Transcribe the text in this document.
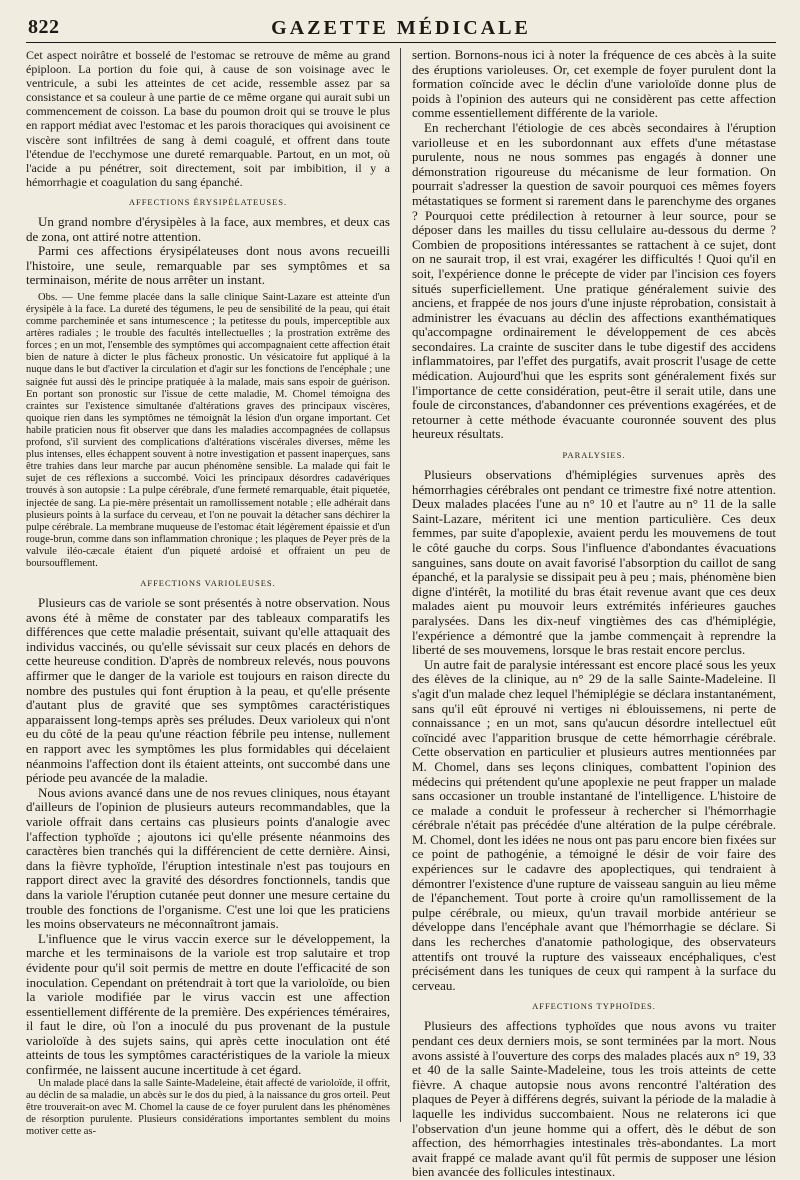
822	GAZETTE MÉDICALE

Cet aspect noirâtre et bosselé de l'estomac se retrouve de même au grand épiploon. La portion du foie qui, à cause de son voisinage avec le ventricule, a subi les atteintes de cet acide, ressemble assez par sa consistance et sa couleur à une partie de ce même organe qui aurait subi un commencement de coisson. La base du poumon droit qui se trouve le plus en rapport médiat avec l'estomac et les parois thoraciques qui avoisinent ce viscère sont infiltrées de sang à demi coagulé, et offrent dans toute l'étendue de l'ecchymose une dureté remarquable. Partout, en un mot, où l'acide a pu pénétrer, soit directement, soit par imbibition, il y a hémorrhagie et coagulation du sang épanché.

AFFECTIONS ÉRYSIPÉLATEUSES.

Un grand nombre d'érysipèles à la face, aux membres, et deux cas de zona, ont attiré notre attention.

Parmi ces affections érysipélateuses dont nous avons recueilli l'histoire, une seule, remarquable par ses symptômes et sa terminaison, mérite de nous arrêter un instant.

Obs. — Une femme placée dans la salle clinique Saint-Lazare est atteinte d'un érysipèle à la face. La dureté des tégumens, le peu de sensibilité de la peau, qui était comme parcheminée et sans intumescence ; la petitesse du pouls, imperceptible aux artères radiales ; le trouble des facultés intellectuelles ; la prostration extrême des forces ; en un mot, l'ensemble des symptômes qui accompagnaient cette affection était bien de nature à dicter le plus fâcheux pronostic. Un vésicatoire fut appliqué à la nuque dans le but d'activer la circulation et d'agir sur les fonctions de l'encéphale ; une saignée fut aussi dès le principe pratiquée à la malade, mais sans espoir de guérison. En portant son pronostic sur l'issue de cette maladie, M. Chomel témoigna des craintes sur l'existence simultanée d'altérations graves des principaux viscères, quoique rien dans les symptômes ne témoignât la lésion d'un organe important. Cet habile praticien nous fit observer que dans les maladies accompagnées de collapsus profond, s'il survient des complications d'altérations viscérales diverses, même les plus intenses, elles échappent souvent à notre investigation et passent inaperçues, sans être trahies dans leur marche par aucun phénomène sensible. La malade qui fait le sujet de ces réflexions a succombé. Voici les principaux désordres cadavériques trouvés à son autopsie : La pulpe cérébrale, d'une fermeté remarquable, était piquetée, injectée de sang. La pie-mère présentait un ramollissement notable ; elle adhérait dans plusieurs points à la surface du cerveau, et l'on ne pouvait la détacher sans déchirer la pulpe cérébrale. La membrane muqueuse de l'estomac était légèrement épaissie et d'un rouge-brun, comme dans son inflammation chronique ; les plaques de Peyer près de la valvule iléo-cæcale étaient d'un piqueté ardoisé et offraient un peu de boursoufflement.

AFFECTIONS VARIOLEUSES.

Plusieurs cas de variole se sont présentés à notre observation. Nous avons été à même de constater par des tableaux comparatifs les différences que cette maladie présentait, suivant qu'elle attaquait des individus vaccinés, ou qu'elle sévissait sur ceux placés en dehors de cette heureuse condition. D'après de nombreux relevés, nous pouvons affirmer que le danger de la variole est toujours en raison directe du nombre des pustules qui font éruption à la peau, et qu'elle présente d'autant plus de gravité que ses symptômes caractéristiques apparaissent long-temps après ses préludes. Deux varioleux qui n'ont eu du côté de la peau qu'une réaction fébrile peu intense, nullement en rapport avec les symptômes les plus formidables qui décelaient néanmoins l'affection dont ils étaient atteints, ont succombé dans une période peu avancée de la maladie.

Nous avions avancé dans une de nos revues cliniques, nous étayant d'ailleurs de l'opinion de plusieurs auteurs recommandables, que la variole offrait dans certains cas plusieurs points d'analogie avec l'affection typhoïde ; ajoutons ici qu'elle présente néanmoins des caractères bien tranchés qui la différencient de cette dernière. Ainsi, dans la fièvre typhoïde, l'éruption intestinale n'est pas toujours en rapport direct avec la gravité des désordres fonctionnels, tandis que dans la variole l'éruption cutanée peut donner une mesure certaine du trouble des fonctions de l'organisme. C'est une loi que les praticiens les moins observateurs ne méconnaîtront jamais.

L'influence que le virus vaccin exerce sur le développement, la marche et les terminaisons de la variole est trop salutaire et trop évidente pour qu'il soit permis de mettre en doute l'efficacité de son inoculation. Cependant on prétendrait à tort que la varioloïde, ou bien la variole modifiée par le virus vaccin est une affection essentiellement différente de la première. Des expériences téméraires, il faut le dire, où l'on a inoculé du pus provenant de la pustule varioloïde à des sujets sains, qui après cette inoculation ont été atteints de tous les symptômes caractéristiques de la variole la mieux confirmée, ne laissent aucune incertitude à cet égard.

Un malade placé dans la salle Sainte-Madeleine, était affecté de varioloïde, il offrit, au déclin de sa maladie, un abcès sur le dos du pied, à la naissance du gros orteil. Peut être trouverait-on avec M. Chomel la cause de ce foyer purulent dans les phénomènes de résorption purulente. Plusieurs considérations importantes semblent du moins motiver cette as-

sertion. Bornons-nous ici à noter la fréquence de ces abcès à la suite des éruptions varioleuses. Or, cet exemple de foyer purulent dont la formation coïncide avec le déclin d'une varioloïde donne plus de poids à l'opinion des auteurs qui ne considèrent pas cette affection comme essentiellement différente de la variole.

En recherchant l'étiologie de ces abcès secondaires à l'éruption variolleuse et en les subordonnant aux effets d'une métastase purulente, nous ne nous sommes pas engagés à donner une démonstration rigoureuse du mécanisme de leur formation. On pourrait s'adresser la question de savoir pourquoi ces mêmes foyers métastatiques se forment si rarement dans le parenchyme des organes ? Pourquoi cette prédilection à retourner à leur source, pour se déposer dans les mailles du tissu cellulaire au-dessous du derme ? Combien de propositions intéressantes se rattachent à ce sujet, dont on ne saurait trop, il est vrai, exagérer les difficultés ! Quoi qu'il en soit, l'expérience donne le précepte de vider par l'incision ces foyers situés superficiellement. Une pratique généralement suivie des anciens, et frappée de nos jours d'une injuste réprobation, consistait à administrer les évacuans au déclin des affections exanthématiques qu'accompagne ordinairement le développement de ces abcès secondaires. La crainte de susciter dans le tube digestif des accidens inflammatoires, par l'effet des purgatifs, avait proscrit l'usage de cette médication. Aujourd'hui que les esprits sont généralement fixés sur l'importance de cette considération, peut-être il serait utile, dans une foule de circonstances, d'abandonner ces préventions exagérées, et de retourner à cette méthode évacuante couronnée souvent des plus heureux résultats.

PARALYSIES.

Plusieurs observations d'hémiplégies survenues après des hémorrhagies cérébrales ont pendant ce trimestre fixé notre attention. Deux malades placées l'une au n° 10 et l'autre au n° 11 de la salle Saint-Lazare, méritent ici une mention particulière. Ces deux femmes, par suite d'apoplexie, avaient perdu les mouvemens de tout le côté gauche du corps. Sous l'influence d'abondantes évacuations sanguines, sans doute on avait favorisé l'absorption du caillot de sang épanché, et la paralysie se dissipait peu à peu ; mais, phénomène bien digne d'intérêt, la motilité du bras était revenue avant que ces deux malades aient pu mouvoir leurs extrémités inférieures gauches paralysées. Dans les dix-neuf vingtièmes des cas d'hémiplégie, l'expérience a démontré que la jambe commençait à reprendre la liberté de ses mouvemens, lorsque le bras restait encore perclus.

Un autre fait de paralysie intéressant est encore placé sous les yeux des élèves de la clinique, au n° 29 de la salle Sainte-Madeleine. Il s'agit d'un malade chez lequel l'hémiplégie se déclara instantanément, sans qu'il eût éprouvé ni vertiges ni éblouissemens, ni perte de connaissance ; en un mot, sans qu'aucun désordre intellectuel eût coïncidé avec l'apparition brusque de cette hémorrhagie cérébrale. Cette observation en particulier et plusieurs autres mentionnées par M. Chomel, dans ses leçons cliniques, combattent l'opinion des médecins qui prétendent qu'une apoplexie ne peut frapper un malade sans occasioner un trouble instantané de l'intelligence. L'histoire de ce malade a conduit le professeur à rechercher si l'hémorrhagie cérébrale n'était pas précédée d'une altération de la pulpe cérébrale. M. Chomel, dont les idées ne nous ont pas paru encore bien fixées sur ce point de pathogénie, a témoigné le désir de voir faire des expériences sur le cadavre des apoplectiques, qui tendraient à démontrer l'existence d'une rupture de vaisseau sanguin au lieu même de l'épanchement. Tout porte à croire qu'un ramollissement de la pulpe cérébrale, ou mieux, qu'un travail morbide antérieur se développe dans l'encéphale avant que l'hémorrhagie se déclare. Si dans les recherches d'anatomie pathologique, des observateurs attentifs ont trouvé la rupture des vaisseaux encéphaliques, c'est précisément dans les tuniques de ceux qui rampent à la surface du cerveau.

AFFECTIONS TYPHOÏDES.

Plusieurs des affections typhoïdes que nous avons vu traiter pendant ces deux derniers mois, se sont terminées par la mort. Nous avons assisté à l'ouverture des corps des malades placés aux n° 19, 33 et 40 de la salle Sainte-Madeleine, tous les trois atteints de cette fièvre. A chaque autopsie nous avons rencontré l'altération des plaques de Peyer à différens degrés, suivant la période de la maladie à laquelle les individus succombaient. Nous ne relaterons ici que l'observation d'un jeune homme qui a offert, dès le début de son affection, des hémorrhagies intestinales très-abondantes. La mort avait frappé ce malade avant qu'il fût permis de supposer une lésion bien avancée des follicules intestinaux.
